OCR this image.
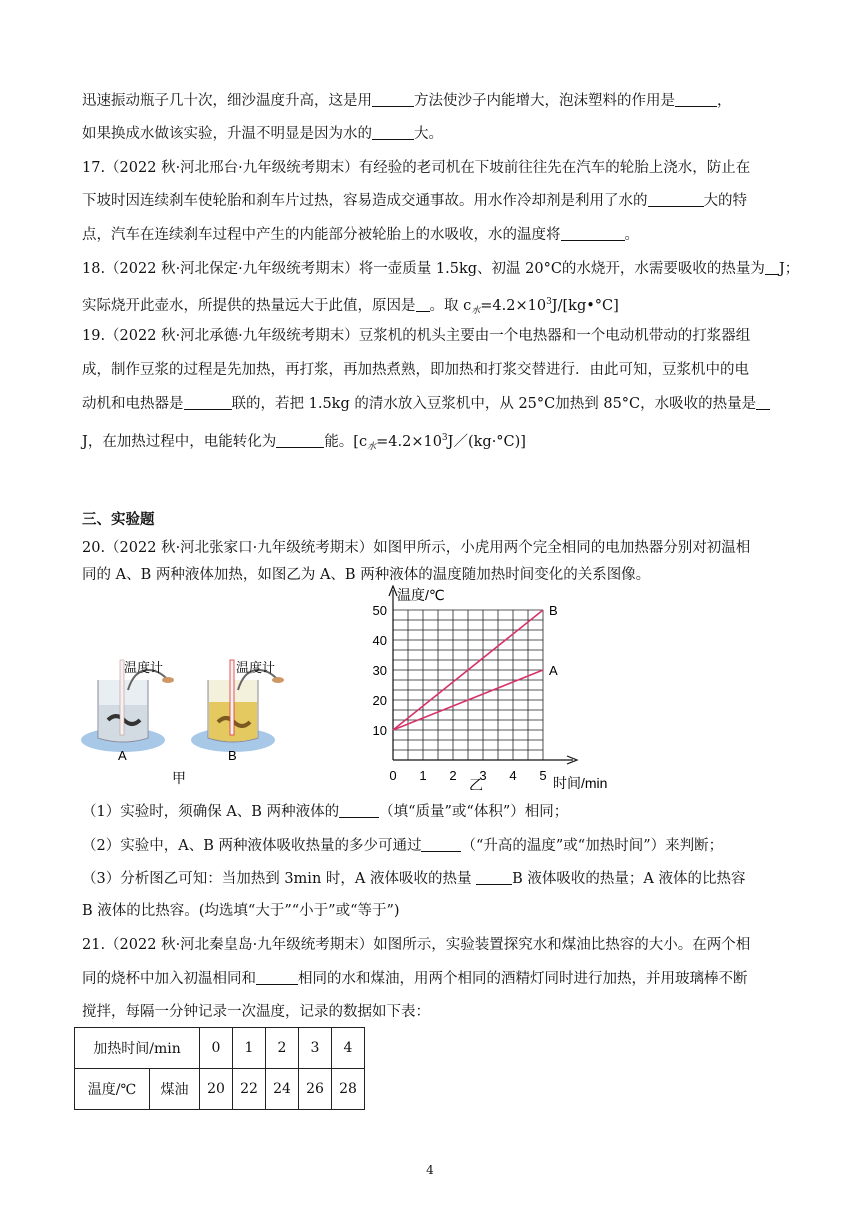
迅速振动瓶子几十次，细沙温度升高，这是用	方法使沙子内能增大，泡沫塑料的作用是	，
如果换成水做该实验，升温不明显是因为水的	大。
17.（2022 秋·河北邢台·九年级统考期末）有经验的老司机在下坡前往往先在汽车的轮胎上浇水，防止在
下坡时因连续刹车使轮胎和刹车片过热，容易造成交通事故。用水作冷却剂是利用了水的	大的特
点，汽车在连续刹车过程中产生的内能部分被轮胎上的水吸收，水的温度将	。
18.（2022 秋·河北保定·九年级统考期末）将一壶质量 1.5kg、初温 20°C的水烧开，水需要吸收的热量为 J；
实际烧开此壶水，所提供的热量远大于此值，原因是 。取 $c_水=4.2\times 10^3J/[kg•^\circ C]$
19.（2022 秋·河北承德·九年级统考期末）豆浆机的机头主要由一个电热器和一个电动机带动的打浆器组
成，制作豆浆的过程是先加热，再打浆，再加热煮熟，即加热和打浆交替进行．由此可知，豆浆机中的电
动机和电热器是	联的，若把 1.5kg 的清水放入豆浆机中，从 25°C加热到 85°C，水吸收的热量是
J，在加热过程中，电能转化为	能。$[c_水=4.2\times 10^3J/(kg\cdot^\circ C)]$
三、实验题
20.（2022 秋·河北张家口·九年级统考期末）如图甲所示，小虎用两个完全相同的电加热器分别对初温相
同的 A、B 两种液体加热，如图乙为 A、B 两种液体的温度随加热时间变化的关系图像。
温度计	温度计
A	B
甲	0 1 2 3 4 5
10
20
30
40
50
A
B
温度/℃
时间/min
乙
（1）实验时，须确保 A、B 两种液体的	（填“质量”或“体积”）相同；
（2）实验中，A、B 两种液体吸收热量的多少可通过	（“升高的温度”或“加热时间”）来判断；
（3）分析图乙可知：当加热到 3min 时，A 液体吸收的热量 B 液体吸收的热量；A 液体的比热容
B 液体的比热容。(均选填“大于”“小于”或“等于”)
21.（2022 秋·河北秦皇岛·九年级统考期末）如图所示，实验装置探究水和煤油比热容的大小。在两个相
同的烧杯中加入初温相同和	相同的水和煤油，用两个相同的酒精灯同时进行加热，并用玻璃棒不断
搅拌，每隔一分钟记录一次温度，记录的数据如下表：
加热时间/min		0	1	2	3	4
温度/℃	煤油	20	22	24	26	28
4
